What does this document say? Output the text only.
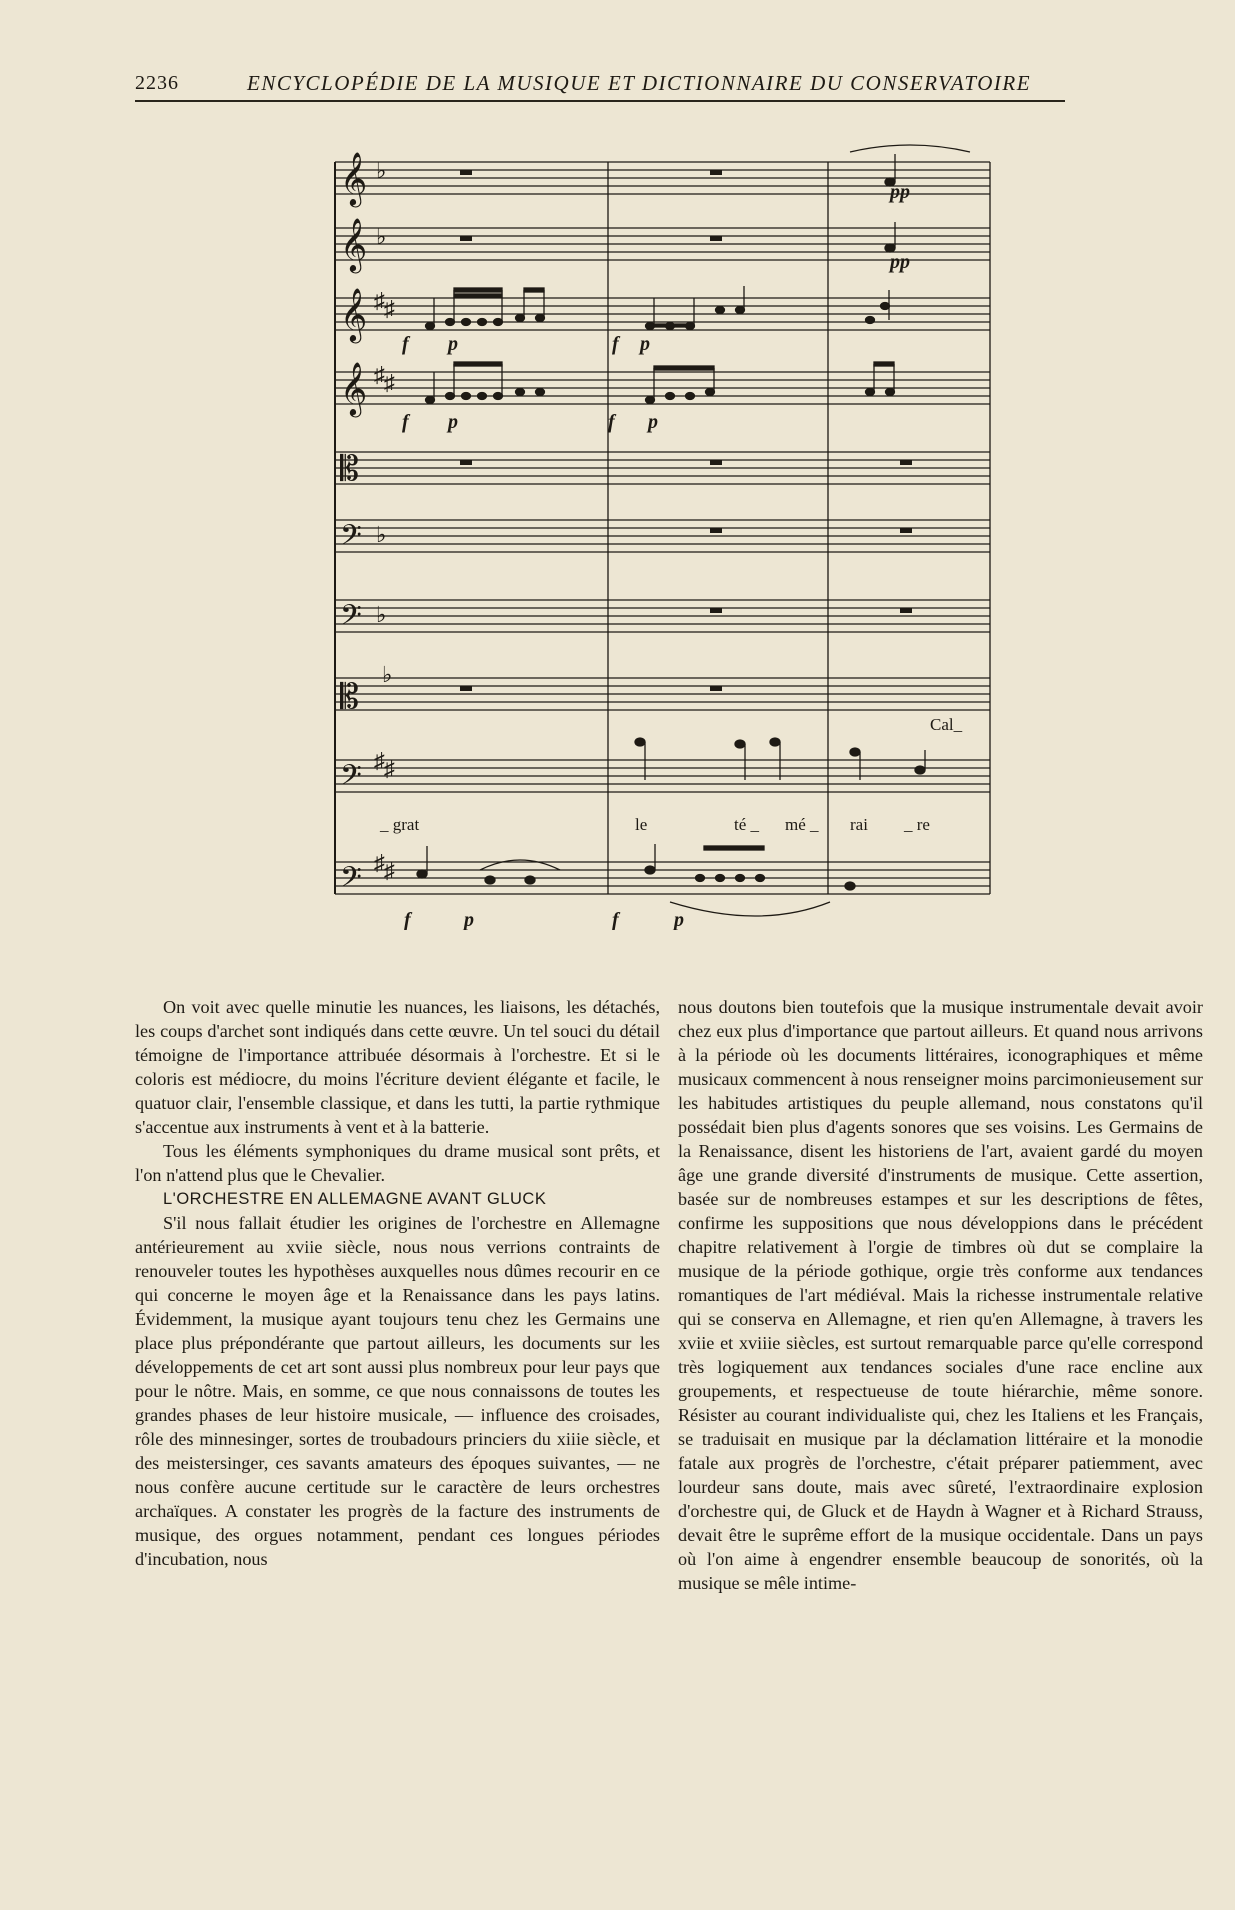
2236	ENCYCLOPÉDIE DE LA MUSIQUE ET DICTIONNAIRE DU CONSERVATOIRE
𝄞
𝄞
𝄞
𝄞
𝄡
𝄢
𝄢
𝄡
𝄢
𝄢
♭
♭
♯ ♯
♯ ♯
♭
♭
♭
♯ ♯
♯ ♯
pp
pp
f p	f p
f p	f p
f	p	f	p
Cal_
_ grat	le	té _ mé _ rai _ re

On voit avec quelle minutie les nuances, les liaisons, les détachés, les coups d'archet sont indiqués dans cette œuvre. Un tel souci du détail témoigne de l'importance attribuée désormais à l'orchestre. Et si le coloris est médiocre, du moins l'écriture devient élégante et facile, le quatuor clair, l'ensemble classique, et dans les tutti, la partie rythmique s'accentue aux instruments à vent et à la batterie.

Tous les éléments symphoniques du drame musical sont prêts, et l'on n'attend plus que le Chevalier.

L'ORCHESTRE EN ALLEMAGNE AVANT GLUCK

S'il nous fallait étudier les origines de l'orchestre en Allemagne antérieurement au xviie siècle, nous nous verrions contraints de renouveler toutes les hypothèses auxquelles nous dûmes recourir en ce qui concerne le moyen âge et la Renaissance dans les pays latins. Évidemment, la musique ayant toujours tenu chez les Germains une place plus prépondérante que partout ailleurs, les documents sur les développements de cet art sont aussi plus nombreux pour leur pays que pour le nôtre. Mais, en somme, ce que nous connaissons de toutes les grandes phases de leur histoire musicale, — influence des croisades, rôle des minnesinger, sortes de troubadours princiers du xiiie siècle, et des meistersinger, ces savants amateurs des époques suivantes, — ne nous confère aucune certitude sur le caractère de leurs orchestres archaïques. A constater les progrès de la facture des instruments de musique, des orgues notamment, pendant ces longues périodes d'incubation, nous

nous doutons bien toutefois que la musique instrumentale devait avoir chez eux plus d'importance que partout ailleurs. Et quand nous arrivons à la période où les documents littéraires, iconographiques et même musicaux commencent à nous renseigner moins parcimonieusement sur les habitudes artistiques du peuple allemand, nous constatons qu'il possédait bien plus d'agents sonores que ses voisins. Les Germains de la Renaissance, disent les historiens de l'art, avaient gardé du moyen âge une grande diversité d'instruments de musique. Cette assertion, basée sur de nombreuses estampes et sur les descriptions de fêtes, confirme les suppositions que nous développions dans le précédent chapitre relativement à l'orgie de timbres où dut se complaire la musique de la période gothique, orgie très conforme aux tendances romantiques de l'art médiéval. Mais la richesse instrumentale relative qui se conserva en Allemagne, et rien qu'en Allemagne, à travers les xviie et xviiie siècles, est surtout remarquable parce qu'elle correspond très logiquement aux tendances sociales d'une race encline aux groupements, et respectueuse de toute hiérarchie, même sonore. Résister au courant individualiste qui, chez les Italiens et les Français, se traduisait en musique par la déclamation littéraire et la monodie fatale aux progrès de l'orchestre, c'était préparer patiemment, avec lourdeur sans doute, mais avec sûreté, l'extraordinaire explosion d'orchestre qui, de Gluck et de Haydn à Wagner et à Richard Strauss, devait être le suprême effort de la musique occidentale. Dans un pays où l'on aime à engendrer ensemble beaucoup de sonorités, où la musique se mêle intime-
